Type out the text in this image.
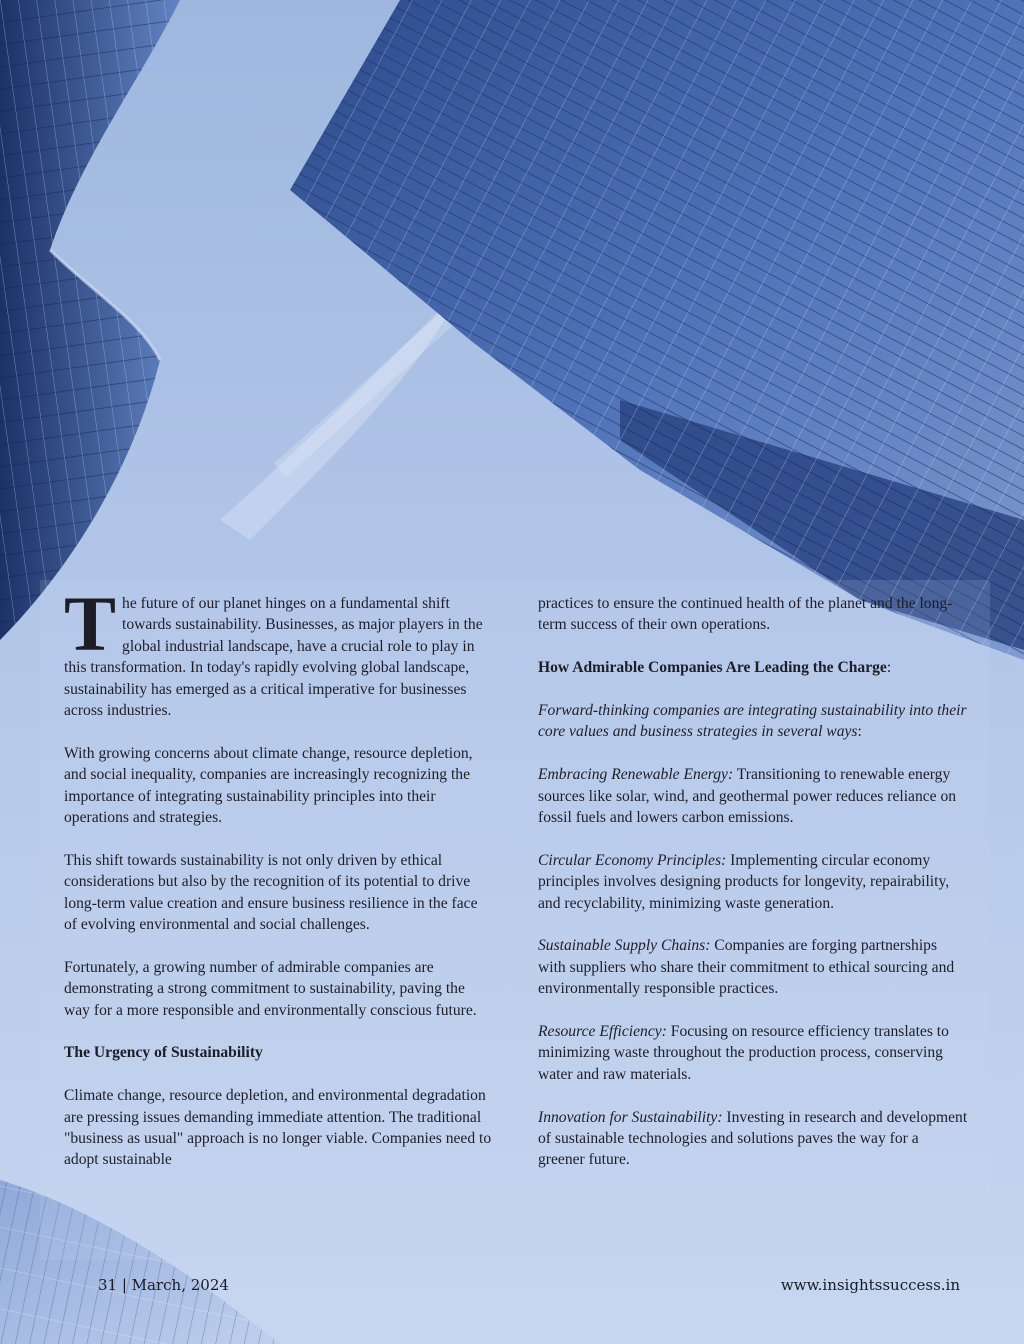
The future of our planet hinges on a fundamental shift towards sustainability. Businesses, as major players in the global industrial landscape, have a crucial role to play in this transformation. In today's rapidly evolving global landscape, sustainability has emerged as a critical imperative for businesses across industries.

With growing concerns about climate change, resource depletion, and social inequality, companies are increasingly recognizing the importance of integrating sustainability principles into their operations and strategies.

This shift towards sustainability is not only driven by ethical considerations but also by the recognition of its potential to drive long-term value creation and ensure business resilience in the face of evolving environmental and social challenges.

Fortunately, a growing number of admirable companies are demonstrating a strong commitment to sustainability, paving the way for a more responsible and environmentally conscious future.

The Urgency of Sustainability

Climate change, resource depletion, and environmental degradation are pressing issues demanding immediate attention. The traditional "business as usual" approach is no longer viable. Companies need to adopt sustainable

practices to ensure the continued health of the planet and the long-term success of their own operations.

How Admirable Companies Are Leading the Charge:

Forward-thinking companies are integrating sustainability into their core values and business strategies in several ways:

Embracing Renewable Energy: Transitioning to renewable energy sources like solar, wind, and geothermal power reduces reliance on fossil fuels and lowers carbon emissions.

Circular Economy Principles: Implementing circular economy principles involves designing products for longevity, repairability, and recyclability, minimizing waste generation.

Sustainable Supply Chains: Companies are forging partnerships with suppliers who share their commitment to ethical sourcing and environmentally responsible practices.

Resource Efficiency: Focusing on resource efficiency translates to minimizing waste throughout the production process, conserving water and raw materials.

Innovation for Sustainability: Investing in research and development of sustainable technologies and solutions paves the way for a greener future.

31 | March, 2024	www.insightssuccess.in
